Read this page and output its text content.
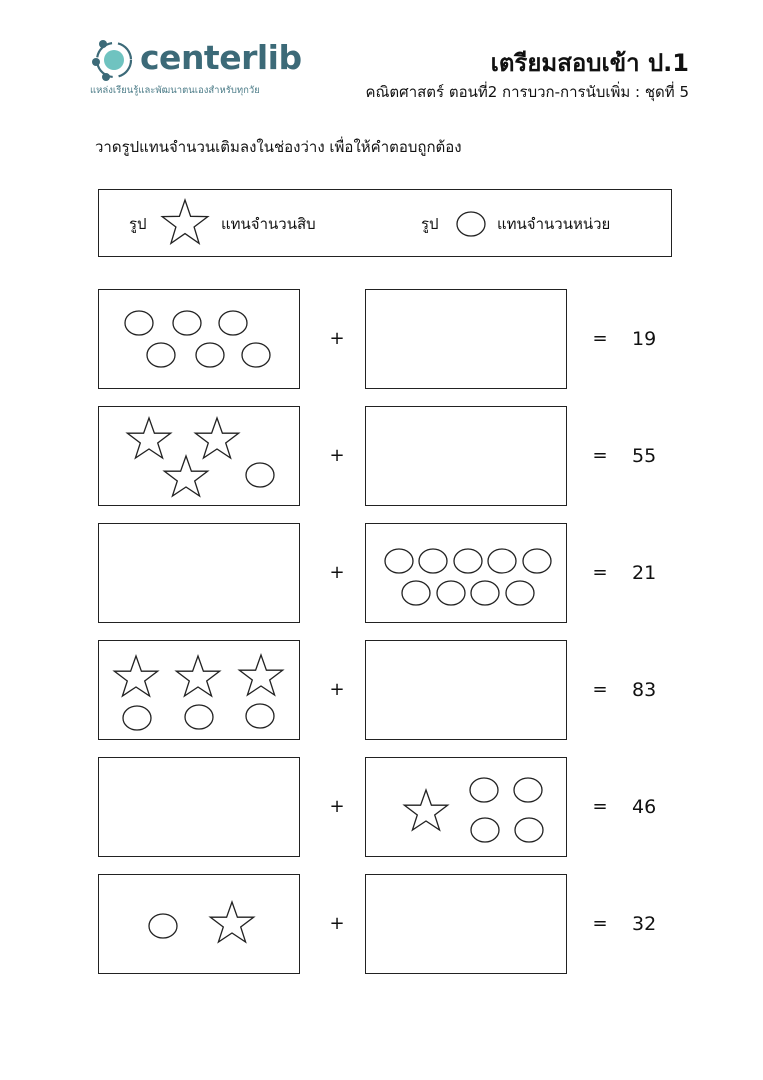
centerlib
แหล่งเรียนรู้และพัฒนาตนเองสำหรับทุกวัย
เตรียมสอบเข้า ป.1
คณิตศาสตร์ ตอนที่2 การบวก-การนับเพิ่ม : ชุดที่ 5
วาดรูปแทนจำนวนเติมลงในช่องว่าง เพื่อให้คำตอบถูกต้อง
รูป	แทนจำนวนสิบ	รูป	แทนจำนวนหน่วย
+	= 19
+	= 55
+	= 21
+	= 83
+	= 46
+	= 32
